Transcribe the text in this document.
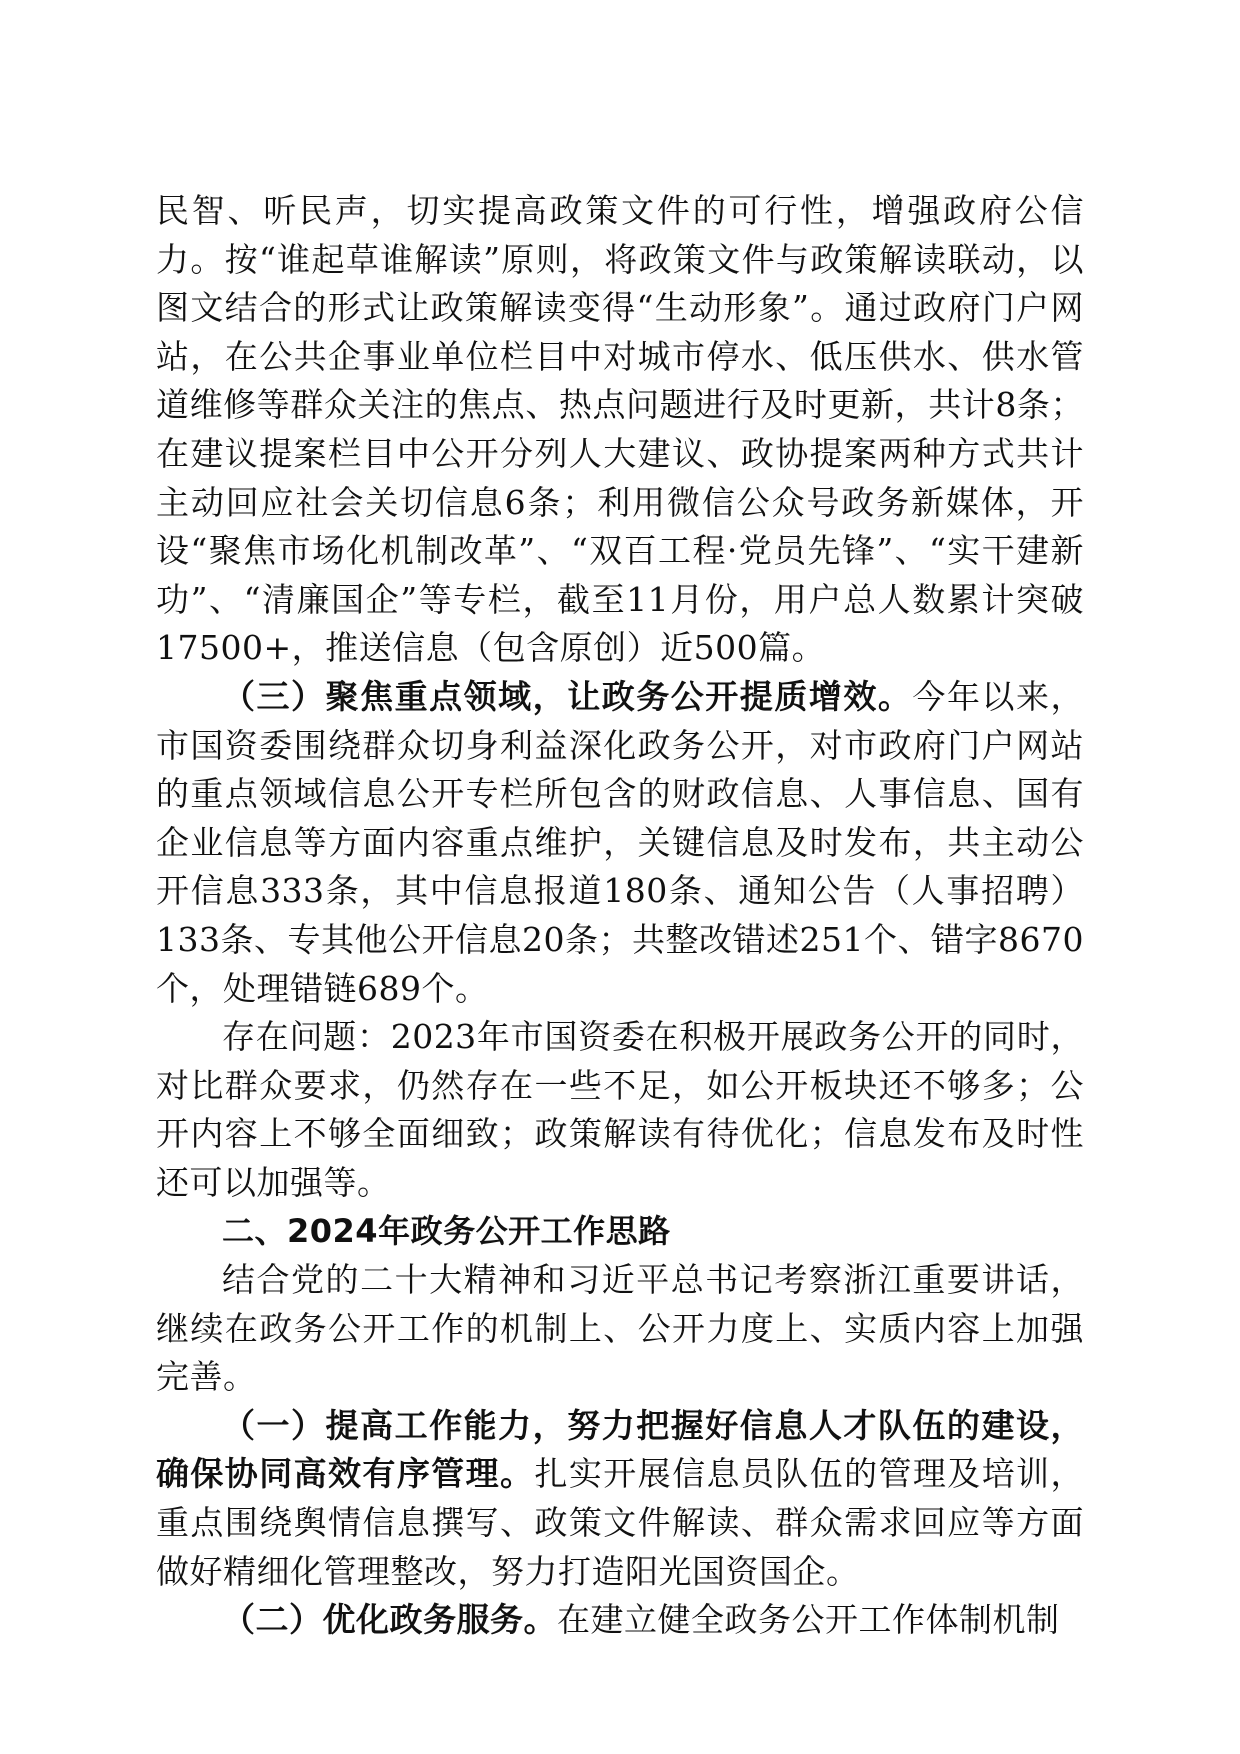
民智、听民声，切实提高政策文件的可行性，增强政府公信力。按“谁起草谁解读”原则，将政策文件与政策解读联动，以图文结合的形式让政策解读变得“生动形象”。通过政府门户网站，在公共企事业单位栏目中对城市停水、低压供水、供水管道维修等群众关注的焦点、热点问题进行及时更新，共计8条；在建议提案栏目中公开分列人大建议、政协提案两种方式共计主动回应社会关切信息6条；利用微信公众号政务新媒体，开设“聚焦市场化机制改革”、“双百工程·党员先锋”、“实干建新功”、“清廉国企”等专栏，截至11月份，用户总人数累计突破17500+，推送信息（包含原创）近500篇。

（三）聚焦重点领域，让政务公开提质增效。今年以来，市国资委围绕群众切身利益深化政务公开，对市政府门户网站的重点领域信息公开专栏所包含的财政信息、人事信息、国有企业信息等方面内容重点维护，关键信息及时发布，共主动公开信息333条，其中信息报道180条、通知公告（人事招聘）133条、专其他公开信息20条；共整改错述251个、错字8670个，处理错链689个。

存在问题：2023年市国资委在积极开展政务公开的同时，对比群众要求，仍然存在一些不足，如公开板块还不够多；公开内容上不够全面细致；政策解读有待优化；信息发布及时性还可以加强等。

二、2024年政务公开工作思路

结合党的二十大精神和习近平总书记考察浙江重要讲话，继续在政务公开工作的机制上、公开力度上、实质内容上加强完善。

（一）提高工作能力，努力把握好信息人才队伍的建设，确保协同高效有序管理。扎实开展信息员队伍的管理及培训，重点围绕舆情信息撰写、政策文件解读、群众需求回应等方面做好精细化管理整改，努力打造阳光国资国企。

（二）优化政务服务。在建立健全政务公开工作体制机制
